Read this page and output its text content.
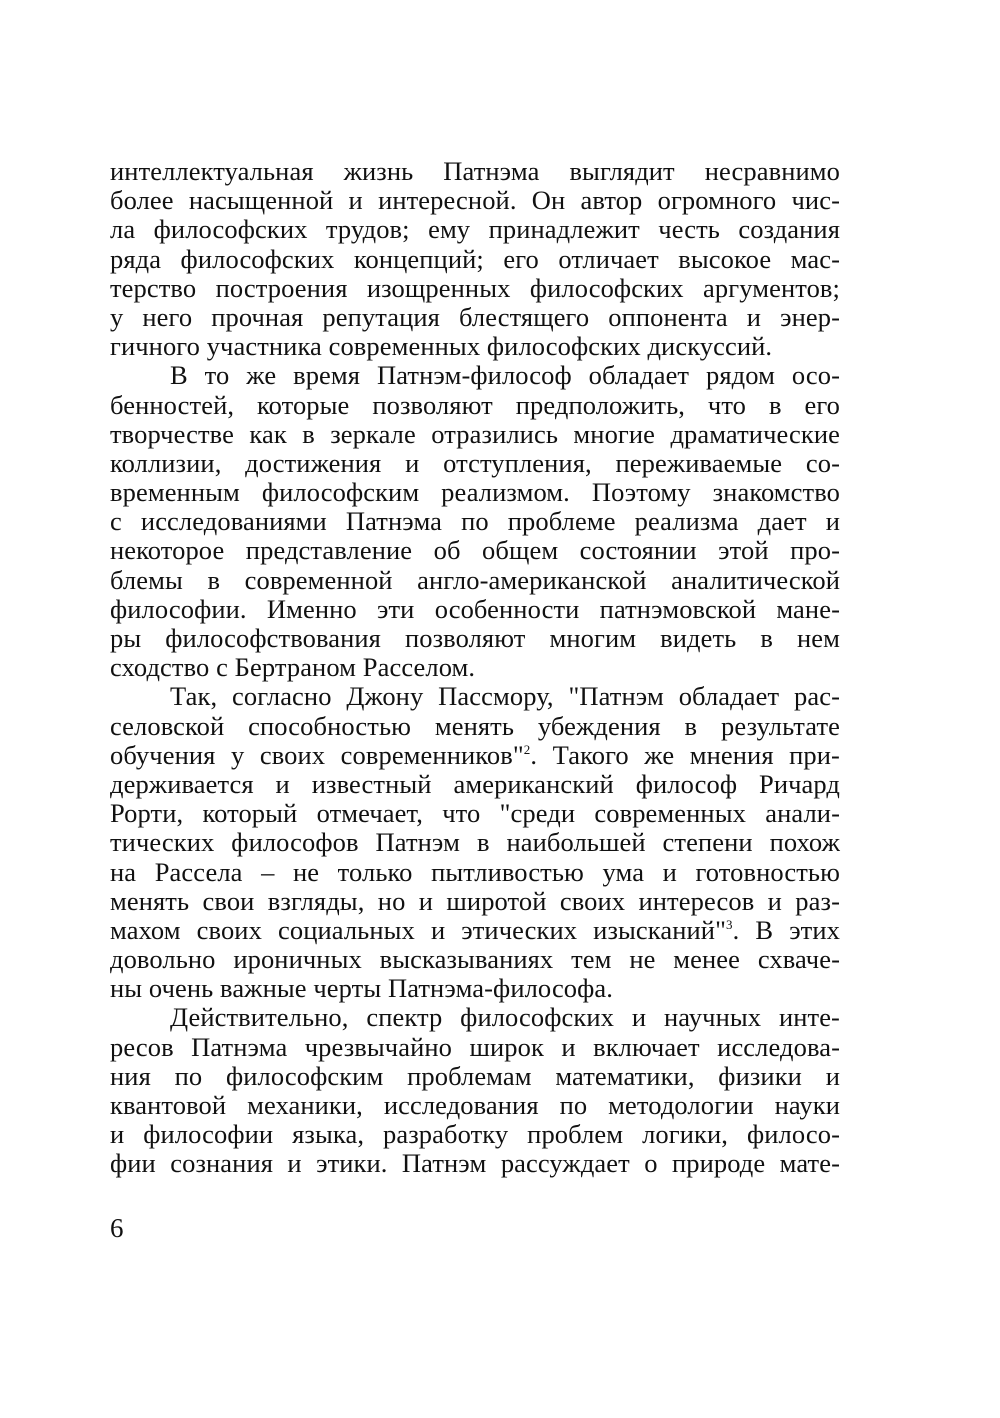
интеллектуальная жизнь Патнэма выглядит несравнимо
более насыщенной и интересной. Он автор огромного чис-
ла философских трудов; ему принадлежит честь создания
ряда философских концепций; его отличает высокое мас-
терство построения изощренных философских аргументов;
у него прочная репутация блестящего оппонента и энер-
гичного участника современных философских дискуссий.
В то же время Патнэм-философ обладает рядом осо-
бенностей, которые позволяют предположить, что в его
творчестве как в зеркале отразились многие драматические
коллизии, достижения и отступления, переживаемые со-
временным философским реализмом. Поэтому знакомство
с исследованиями Патнэма по проблеме реализма дает и
некоторое представление об общем состоянии этой про-
блемы в современной англо-американской аналитической
философии. Именно эти особенности патнэмовской мане-
ры философствования позволяют многим видеть в нем
сходство с Бертраном Расселом.
Так, согласно Джону Пассмору, "Патнэм обладает рас-
селовской способностью менять убеждения в результате
обучения у своих современников"$^2$. Такого же мнения при-
держивается и известный американский философ Ричард
Рорти, который отмечает, что "среди современных анали-
тических философов Патнэм в наибольшей степени похож
на Рассела – не только пытливостью ума и готовностью
менять свои взгляды, но и широтой своих интересов и раз-
махом своих социальных и этических изысканий"$^3$. В этих
довольно ироничных высказываниях тем не менее схваче-
ны очень важные черты Патнэма-философа.
Действительно, спектр философских и научных инте-
ресов Патнэма чрезвычайно широк и включает исследова-
ния по философским проблемам математики, физики и
квантовой механики, исследования по методологии науки
и философии языка, разработку проблем логики, филосо-
фии сознания и этики. Патнэм рассуждает о природе мате-
6
